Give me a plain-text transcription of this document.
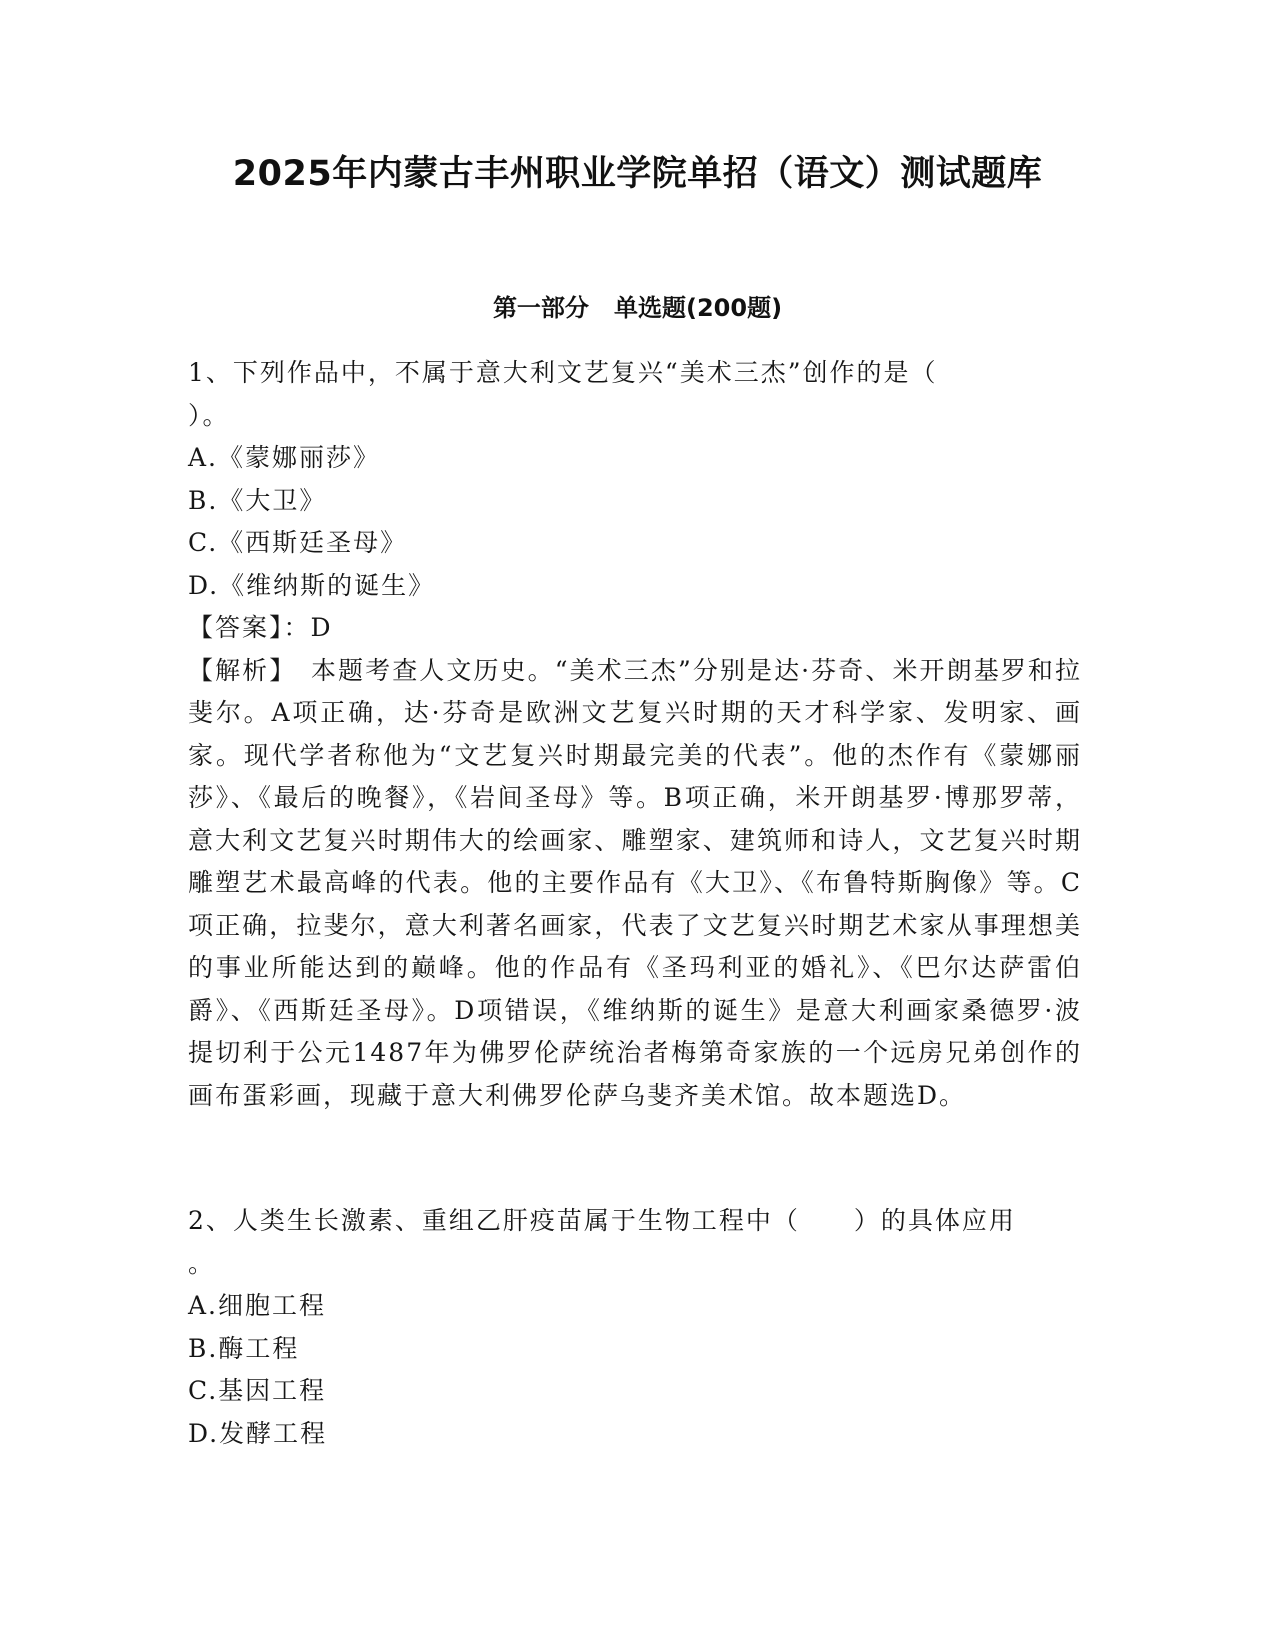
2025年内蒙古丰州职业学院单招（语文）测试题库
第一部分   单选题(200题)
1、下列作品中，不属于意大利文艺复兴“美术三杰”创作的是（
）。
A.《蒙娜丽莎》
B.《大卫》
C.《西斯廷圣母》
D.《维纳斯的诞生》
【答案】：D
【解析】　本题考查人文历史。“美术三杰”分别是达·芬奇、米开朗基罗和拉斐尔。A项正确，达·芬奇是欧洲文艺复兴时期的天才科学家、发明家、画家。现代学者称他为“文艺复兴时期最完美的代表”。他的杰作有《蒙娜丽莎》、《最后的晚餐》，《岩间圣母》等。B项正确，米开朗基罗·博那罗蒂，意大利文艺复兴时期伟大的绘画家、雕塑家、建筑师和诗人，文艺复兴时期雕塑艺术最高峰的代表。他的主要作品有《大卫》、《布鲁特斯胸像》等。C项正确，拉斐尔，意大利著名画家，代表了文艺复兴时期艺术家从事理想美的事业所能达到的巅峰。他的作品有《圣玛利亚的婚礼》、《巴尔达萨雷伯爵》、《西斯廷圣母》。D项错误，《维纳斯的诞生》是意大利画家桑德罗·波提切利于公元1487年为佛罗伦萨统治者梅第奇家族的一个远房兄弟创作的画布蛋彩画，现藏于意大利佛罗伦萨乌斐齐美术馆。故本题选D。
2、人类生长激素、重组乙肝疫苗属于生物工程中（　　）的具体应用
。
A.细胞工程
B.酶工程
C.基因工程
D.发酵工程
